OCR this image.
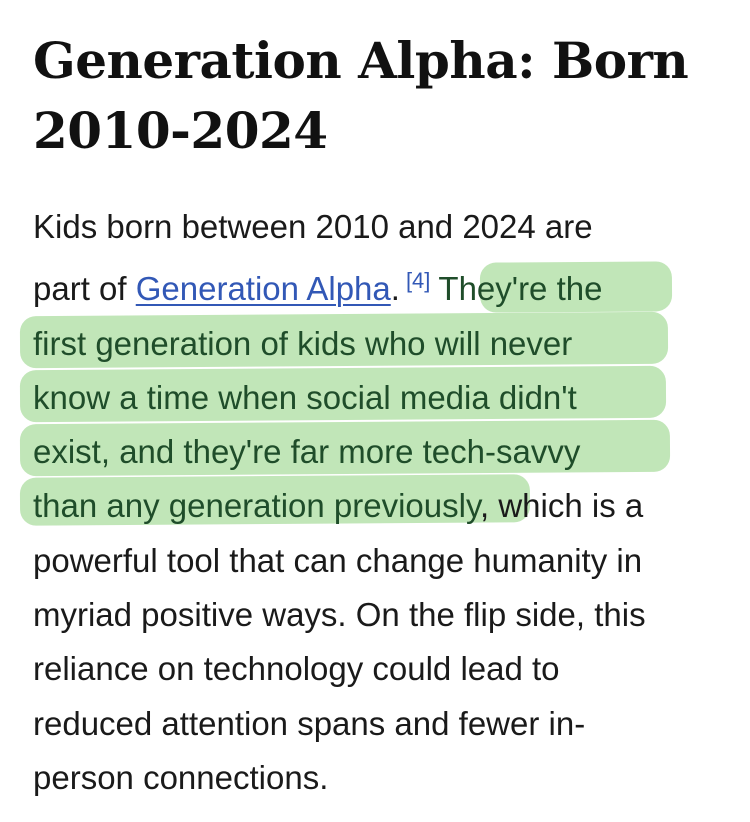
Generation Alpha: Born
2010-2024

Kids born between 2010 and 2024 are
part of Generation Alpha. [4] They're the
first generation of kids who will never
know a time when social media didn't
exist, and they're far more tech-savvy
than any generation previously, which is a
powerful tool that can change humanity in
myriad positive ways. On the flip side, this
reliance on technology could lead to
reduced attention spans and fewer in-
person connections.
